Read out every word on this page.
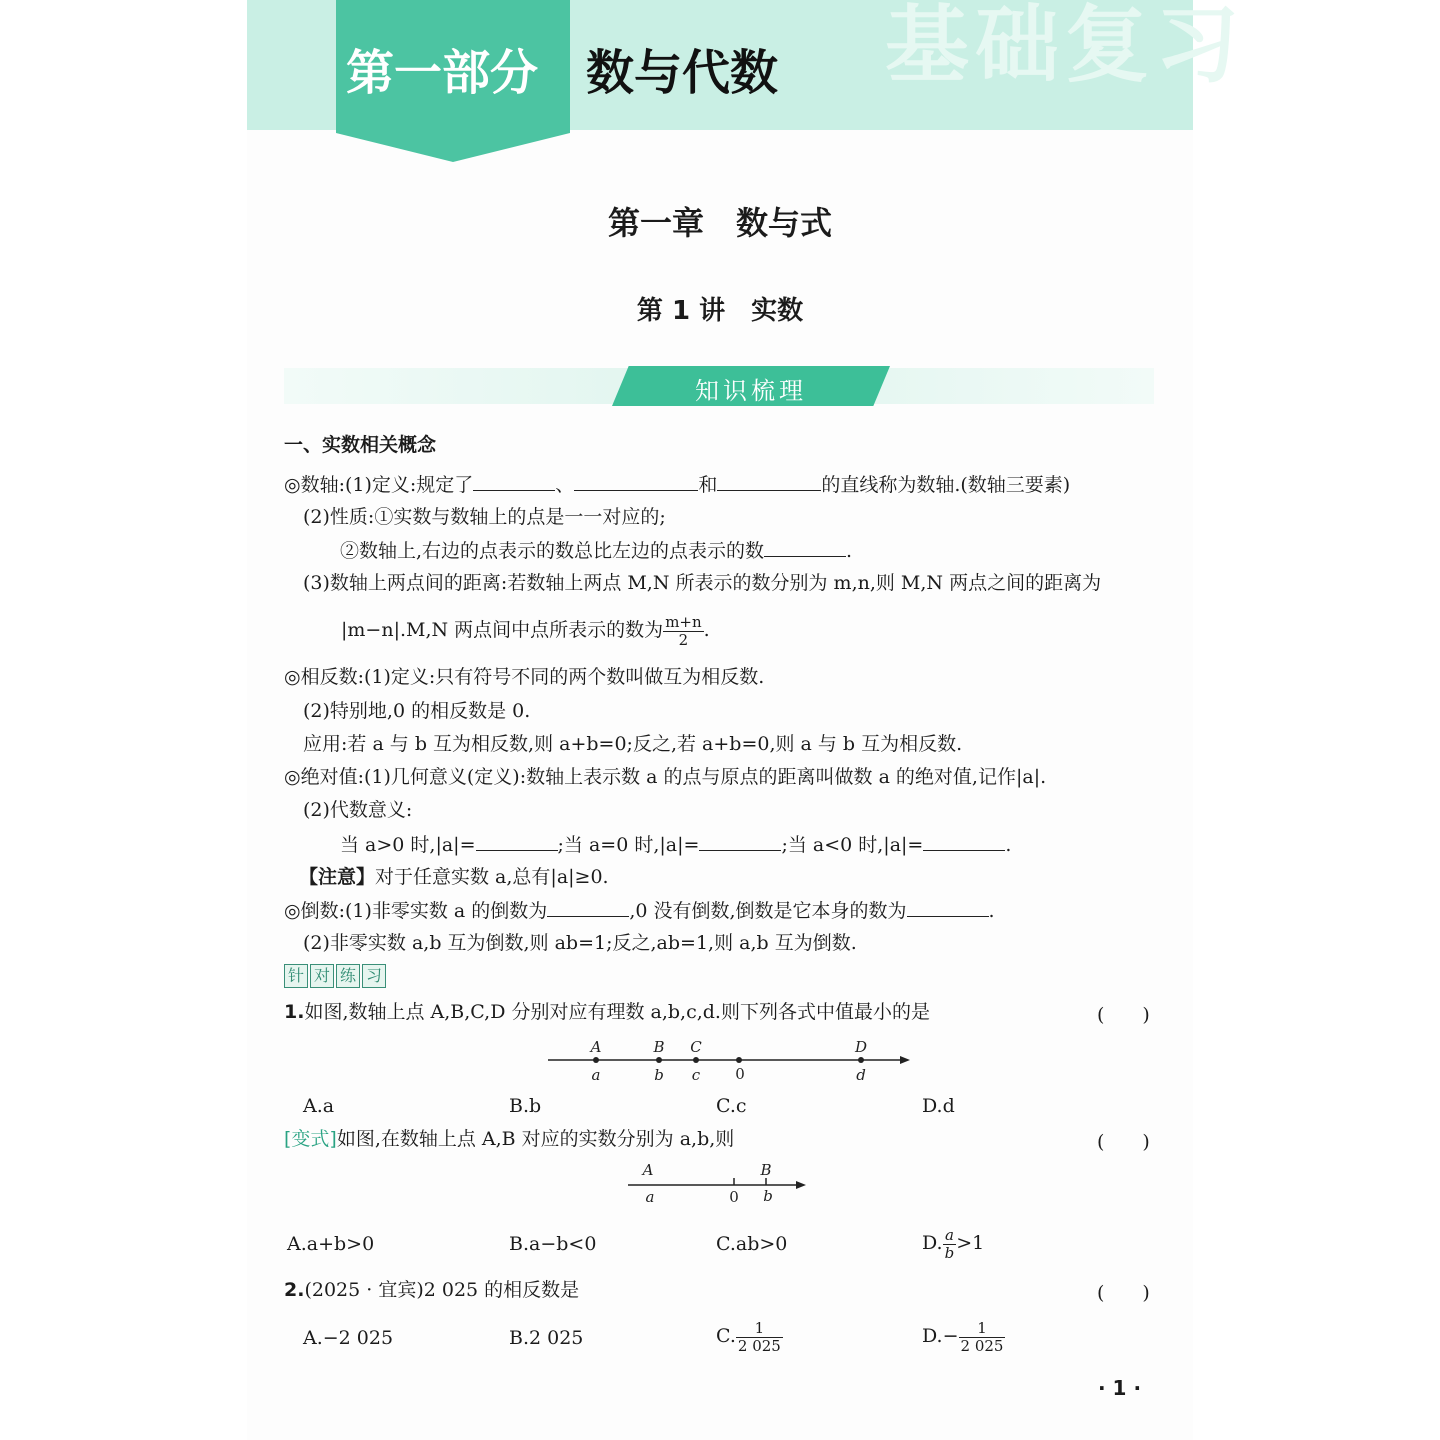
基础复习
第一部分 数与代数
第一章　数与式
第 1 讲　实数
知识梳理
一、实数相关概念
◎数轴:(1)定义:规定了	、	和	的直线称为数轴.(数轴三要素)
(2)性质:①实数与数轴上的点是一一对应的;
②数轴上,右边的点表示的数总比左边的点表示的数	.
(3)数轴上两点间的距离:若数轴上两点 M,N 所表示的数分别为 m,n,则 M,N 两点之间的距离为
|m−n|.M,N 两点间中点所表示的数为 $\frac{m+n}{2}$ .
◎相反数:(1)定义:只有符号不同的两个数叫做互为相反数.
(2)特别地,0 的相反数是 0.
应用:若 a 与 b 互为相反数,则 a+b=0;反之,若 a+b=0,则 a 与 b 互为相反数.
◎绝对值:(1)几何意义(定义):数轴上表示数 a 的点与原点的距离叫做数 a 的绝对值,记作|a|.
(2)代数意义:
当 a>0 时,|a|=	;当 a=0 时,|a|=	;当 a<0 时,|a|=	.
【注意】对于任意实数 a,总有|a|≥0.
◎倒数:(1)非零实数 a 的倒数为	,0 没有倒数,倒数是它本身的数为	.
(2)非零实数 a,b 互为倒数,则 ab=1;反之,ab=1,则 a,b 互为倒数.
针 对 练 习
1.如图,数轴上点 A,B,C,D 分别对应有理数 a,b,c,d.则下列各式中值最小的是	(　　)
A	B C	D
a	b c 0	d
A.a	B.b	C.c	D.d
[变式]如图,在数轴上点 A,B 对应的实数分别为 a,b,则	(　　)
A	B
a	0 b
A.a+b>0	B.a−b<0	C.ab>0	D. $\frac{a}{b} >1$
2.(2025 · 宜宾)2 025 的相反数是	(　　)
A.−2 025	B.2 025	C. $\frac{1}{2 025}$	$D.- \frac{1}{2 025}$
· 1 ·
